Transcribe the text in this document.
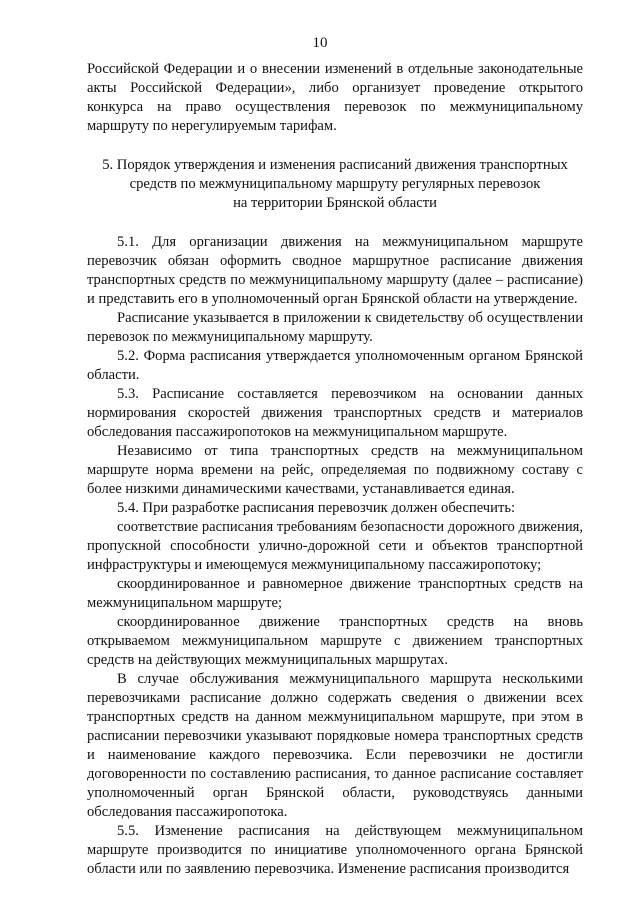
10

Российской Федерации и о внесении изменений в отдельные законодательные акты Российской Федерации», либо организует проведение открытого конкурса на право осуществления перевозок по межмуниципальному маршруту по нерегулируемым тарифам.

5. Порядок утверждения и изменения расписаний движения транспортных
средств по межмуниципальному маршруту регулярных перевозок
на территории Брянской области

5.1. Для организации движения на межмуниципальном маршруте перевозчик обязан оформить сводное маршрутное расписание движения транспортных средств по межмуниципальному маршруту (далее – расписание) и представить его в уполномоченный орган Брянской области на утверждение.

Расписание указывается в приложении к свидетельству об осуществлении перевозок по межмуниципальному маршруту.

5.2. Форма расписания утверждается уполномоченным органом Брянской области.

5.3. Расписание составляется перевозчиком на основании данных нормирования скоростей движения транспортных средств и материалов обследования пассажиропотоков на межмуниципальном маршруте.

Независимо от типа транспортных средств на межмуниципальном маршруте норма времени на рейс, определяемая по подвижному составу с более низкими динамическими качествами, устанавливается единая.

5.4. При разработке расписания перевозчик должен обеспечить:

соответствие расписания требованиям безопасности дорожного движения, пропускной способности улично-дорожной сети и объектов транспортной инфраструктуры и имеющемуся межмуниципальному пассажиропотоку;

скоординированное и равномерное движение транспортных средств на межмуниципальном маршруте;

скоординированное движение транспортных средств на вновь открываемом межмуниципальном маршруте с движением транспортных средств на действующих межмуниципальных маршрутах.

В случае обслуживания межмуниципального маршрута несколькими перевозчиками расписание должно содержать сведения о движении всех транспортных средств на данном межмуниципальном маршруте, при этом в расписании перевозчики указывают порядковые номера транспортных средств и наименование каждого перевозчика. Если перевозчики не достигли договоренности по составлению расписания, то данное расписание составляет уполномоченный орган Брянской области, руководствуясь данными обследования пассажиропотока.

5.5. Изменение расписания на действующем межмуниципальном маршруте производится по инициативе уполномоченного органа Брянской области или по заявлению перевозчика. Изменение расписания производится
